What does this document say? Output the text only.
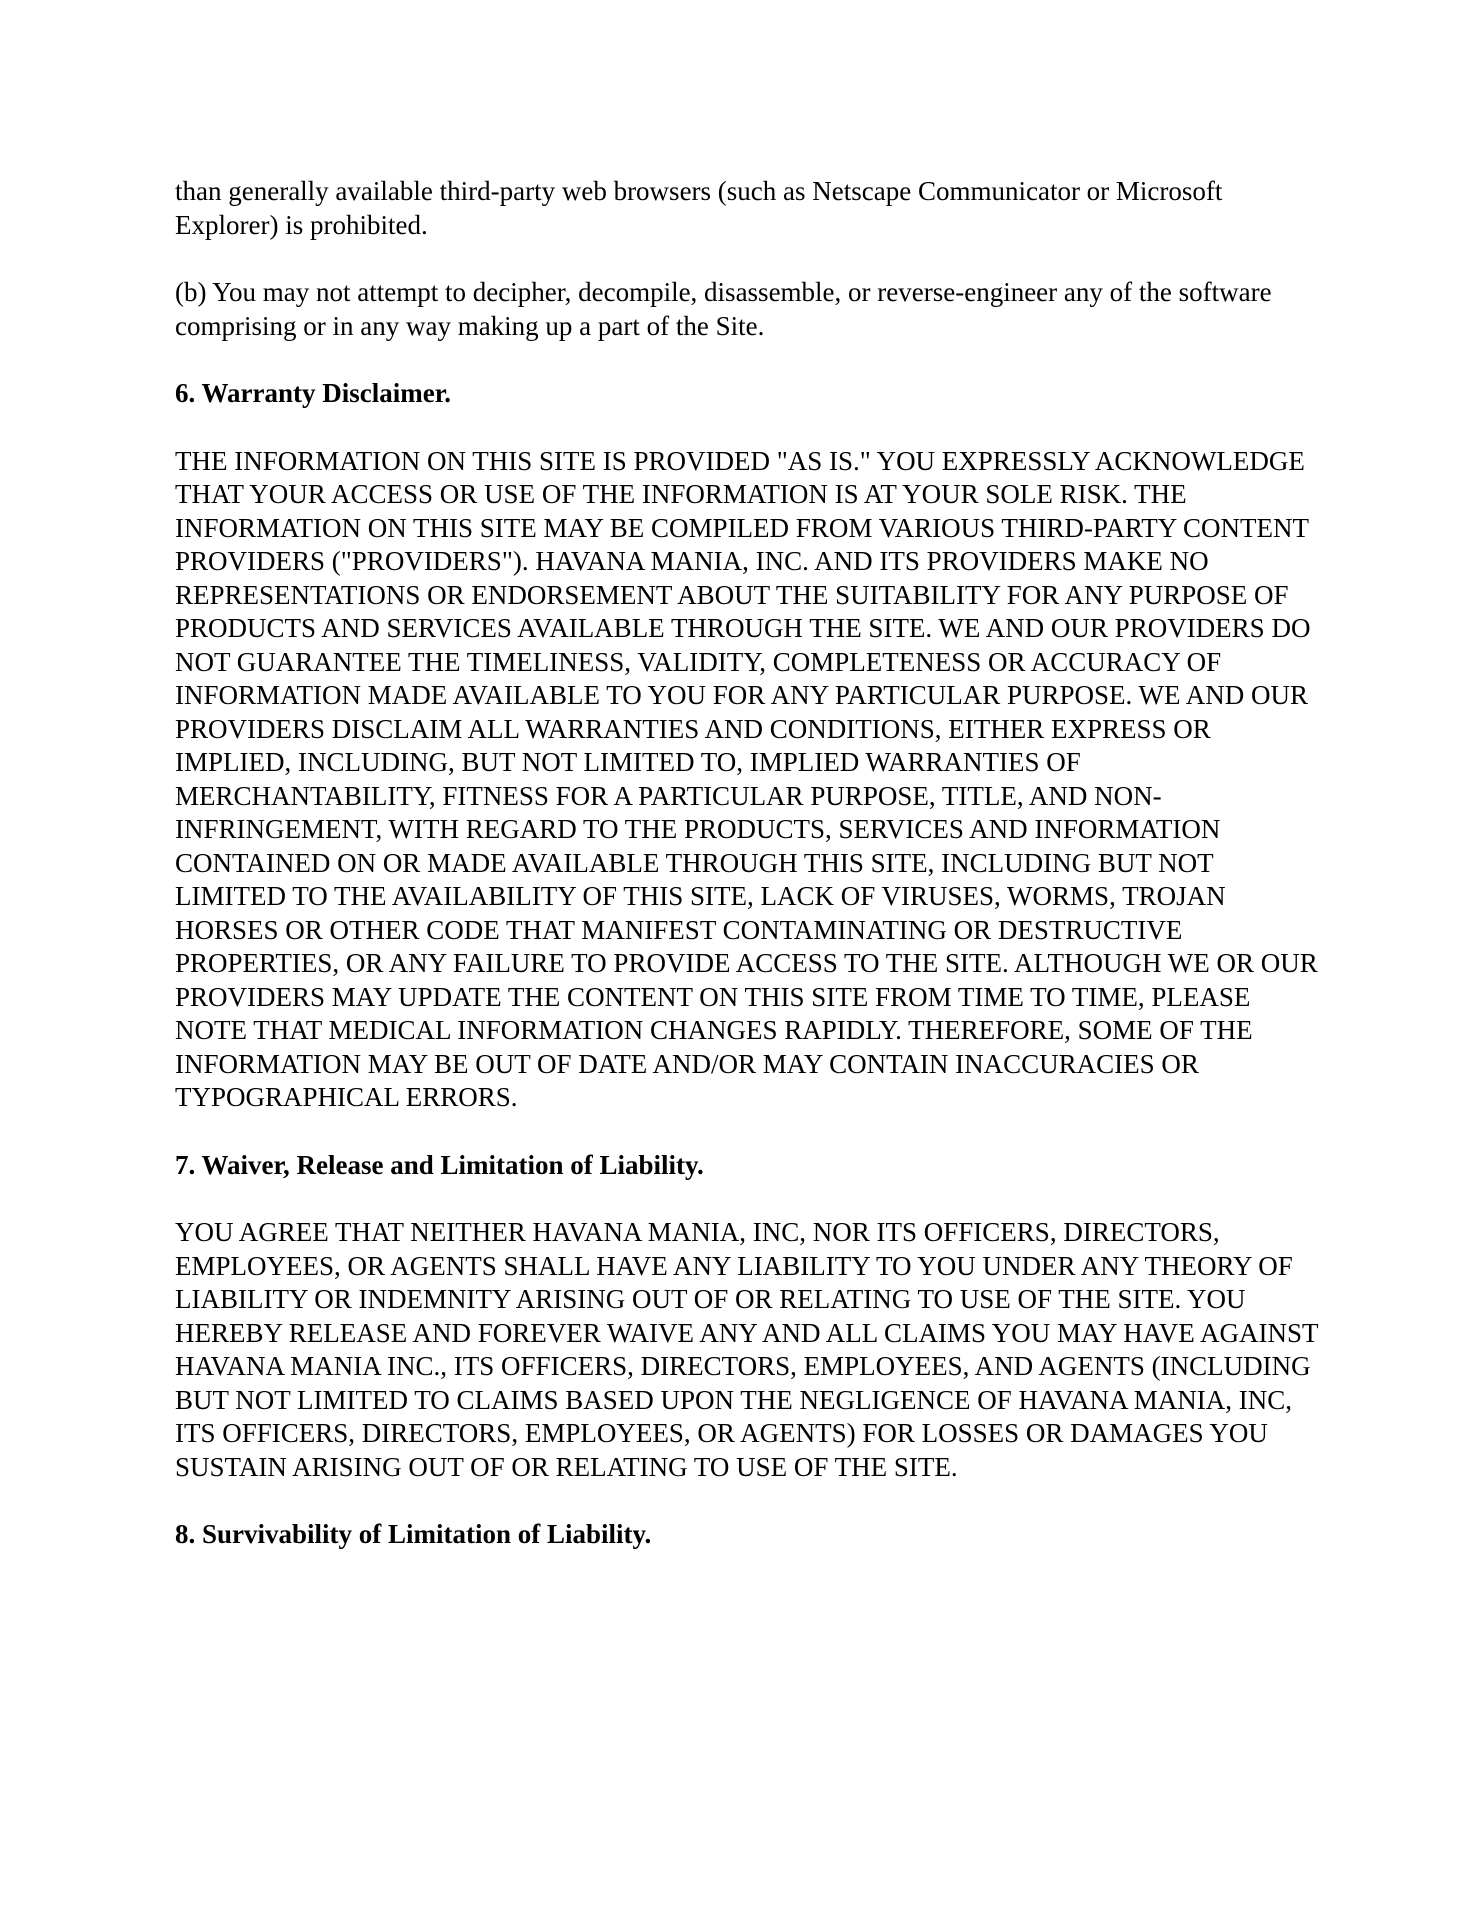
than generally available third-party web browsers (such as Netscape Communicator or Microsoft Explorer) is prohibited.

(b) You may not attempt to decipher, decompile, disassemble, or reverse-engineer any of the software comprising or in any way making up a part of the Site.

6. Warranty Disclaimer.

THE INFORMATION ON THIS SITE IS PROVIDED "AS IS." YOU EXPRESSLY ACKNOWLEDGE THAT YOUR ACCESS OR USE OF THE INFORMATION IS AT YOUR SOLE RISK. THE INFORMATION ON THIS SITE MAY BE COMPILED FROM VARIOUS THIRD-PARTY CONTENT PROVIDERS ("PROVIDERS"). HAVANA MANIA, INC. AND ITS PROVIDERS MAKE NO REPRESENTATIONS OR ENDORSEMENT ABOUT THE SUITABILITY FOR ANY PURPOSE OF PRODUCTS AND SERVICES AVAILABLE THROUGH THE SITE. WE AND OUR PROVIDERS DO NOT GUARANTEE THE TIMELINESS, VALIDITY, COMPLETENESS OR ACCURACY OF INFORMATION MADE AVAILABLE TO YOU FOR ANY PARTICULAR PURPOSE. WE AND OUR PROVIDERS DISCLAIM ALL WARRANTIES AND CONDITIONS, EITHER EXPRESS OR IMPLIED, INCLUDING, BUT NOT LIMITED TO, IMPLIED WARRANTIES OF MERCHANTABILITY, FITNESS FOR A PARTICULAR PURPOSE, TITLE, AND NON-INFRINGEMENT, WITH REGARD TO THE PRODUCTS, SERVICES AND INFORMATION CONTAINED ON OR MADE AVAILABLE THROUGH THIS SITE, INCLUDING BUT NOT LIMITED TO THE AVAILABILITY OF THIS SITE, LACK OF VIRUSES, WORMS, TROJAN HORSES OR OTHER CODE THAT MANIFEST CONTAMINATING OR DESTRUCTIVE PROPERTIES, OR ANY FAILURE TO PROVIDE ACCESS TO THE SITE. ALTHOUGH WE OR OUR PROVIDERS MAY UPDATE THE CONTENT ON THIS SITE FROM TIME TO TIME, PLEASE NOTE THAT MEDICAL INFORMATION CHANGES RAPIDLY. THEREFORE, SOME OF THE INFORMATION MAY BE OUT OF DATE AND/OR MAY CONTAIN INACCURACIES OR TYPOGRAPHICAL ERRORS.

7. Waiver, Release and Limitation of Liability.

YOU AGREE THAT NEITHER HAVANA MANIA, INC, NOR ITS OFFICERS, DIRECTORS, EMPLOYEES, OR AGENTS SHALL HAVE ANY LIABILITY TO YOU UNDER ANY THEORY OF LIABILITY OR INDEMNITY ARISING OUT OF OR RELATING TO USE OF THE SITE. YOU HEREBY RELEASE AND FOREVER WAIVE ANY AND ALL CLAIMS YOU MAY HAVE AGAINST HAVANA MANIA INC., ITS OFFICERS, DIRECTORS, EMPLOYEES, AND AGENTS (INCLUDING BUT NOT LIMITED TO CLAIMS BASED UPON THE NEGLIGENCE OF HAVANA MANIA, INC, ITS OFFICERS, DIRECTORS, EMPLOYEES, OR AGENTS) FOR LOSSES OR DAMAGES YOU SUSTAIN ARISING OUT OF OR RELATING TO USE OF THE SITE.

8. Survivability of Limitation of Liability.
